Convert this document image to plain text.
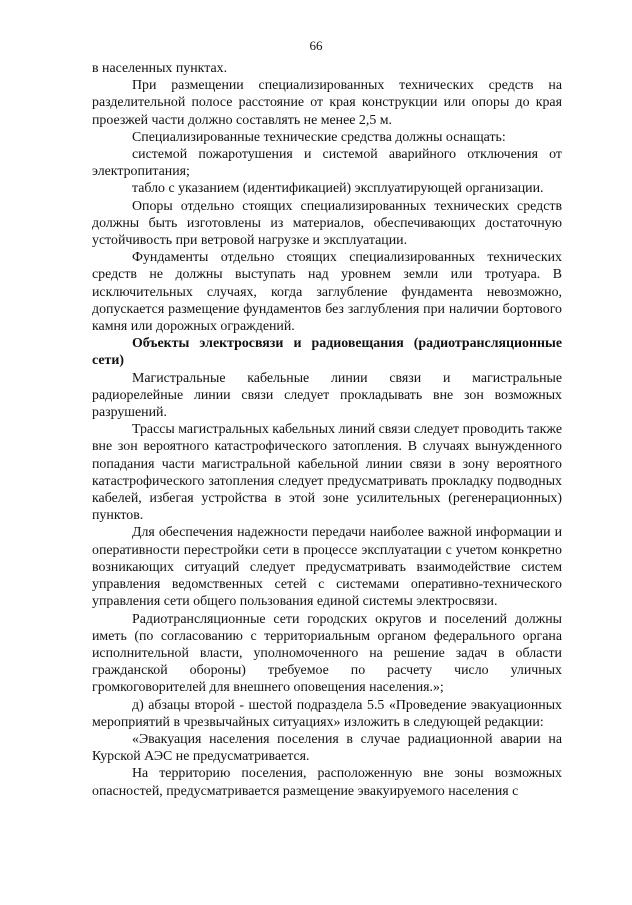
66

в населенных пунктах.

При размещении специализированных технических средств на разделительной полосе расстояние от края конструкции или опоры до края проезжей части должно составлять не менее 2,5 м.

Специализированные технические средства должны оснащать:

системой пожаротушения и системой аварийного отключения от электропитания;

табло с указанием (идентификацией) эксплуатирующей организации.

Опоры отдельно стоящих специализированных технических средств должны быть изготовлены из материалов, обеспечивающих достаточную устойчивость при ветровой нагрузке и эксплуатации.

Фундаменты отдельно стоящих специализированных технических средств не должны выступать над уровнем земли или тротуара. В исключительных случаях, когда заглубление фундамента невозможно, допускается размещение фундаментов без заглубления при наличии бортового камня или дорожных ограждений.

Объекты электросвязи и радиовещания (радиотрансляционные сети)

Магистральные кабельные линии связи и магистральные радиорелейные линии связи следует прокладывать вне зон возможных разрушений.

Трассы магистральных кабельных линий связи следует проводить также вне зон вероятного катастрофического затопления. В случаях вынужденного попадания части магистральной кабельной линии связи в зону вероятного катастрофического затопления следует предусматривать прокладку подводных кабелей, избегая устройства в этой зоне усилительных (регенерационных) пунктов.

Для обеспечения надежности передачи наиболее важной информации и оперативности перестройки сети в процессе эксплуатации с учетом конкретно возникающих ситуаций следует предусматривать взаимодействие систем управления ведомственных сетей с системами оперативно-технического управления сети общего пользования единой системы электросвязи.

Радиотрансляционные сети городских округов и поселений должны иметь (по согласованию с территориальным органом федерального органа исполнительной власти, уполномоченного на решение задач в области гражданской обороны) требуемое по расчету число уличных громкоговорителей для внешнего оповещения населения.»;

д) абзацы второй - шестой подраздела 5.5 «Проведение эвакуационных мероприятий в чрезвычайных ситуациях» изложить в следующей редакции:

«Эвакуация населения поселения в случае радиационной аварии на Курской АЭС не предусматривается.

На территорию поселения, расположенную вне зоны возможных опасностей, предусматривается размещение эвакуируемого населения с
